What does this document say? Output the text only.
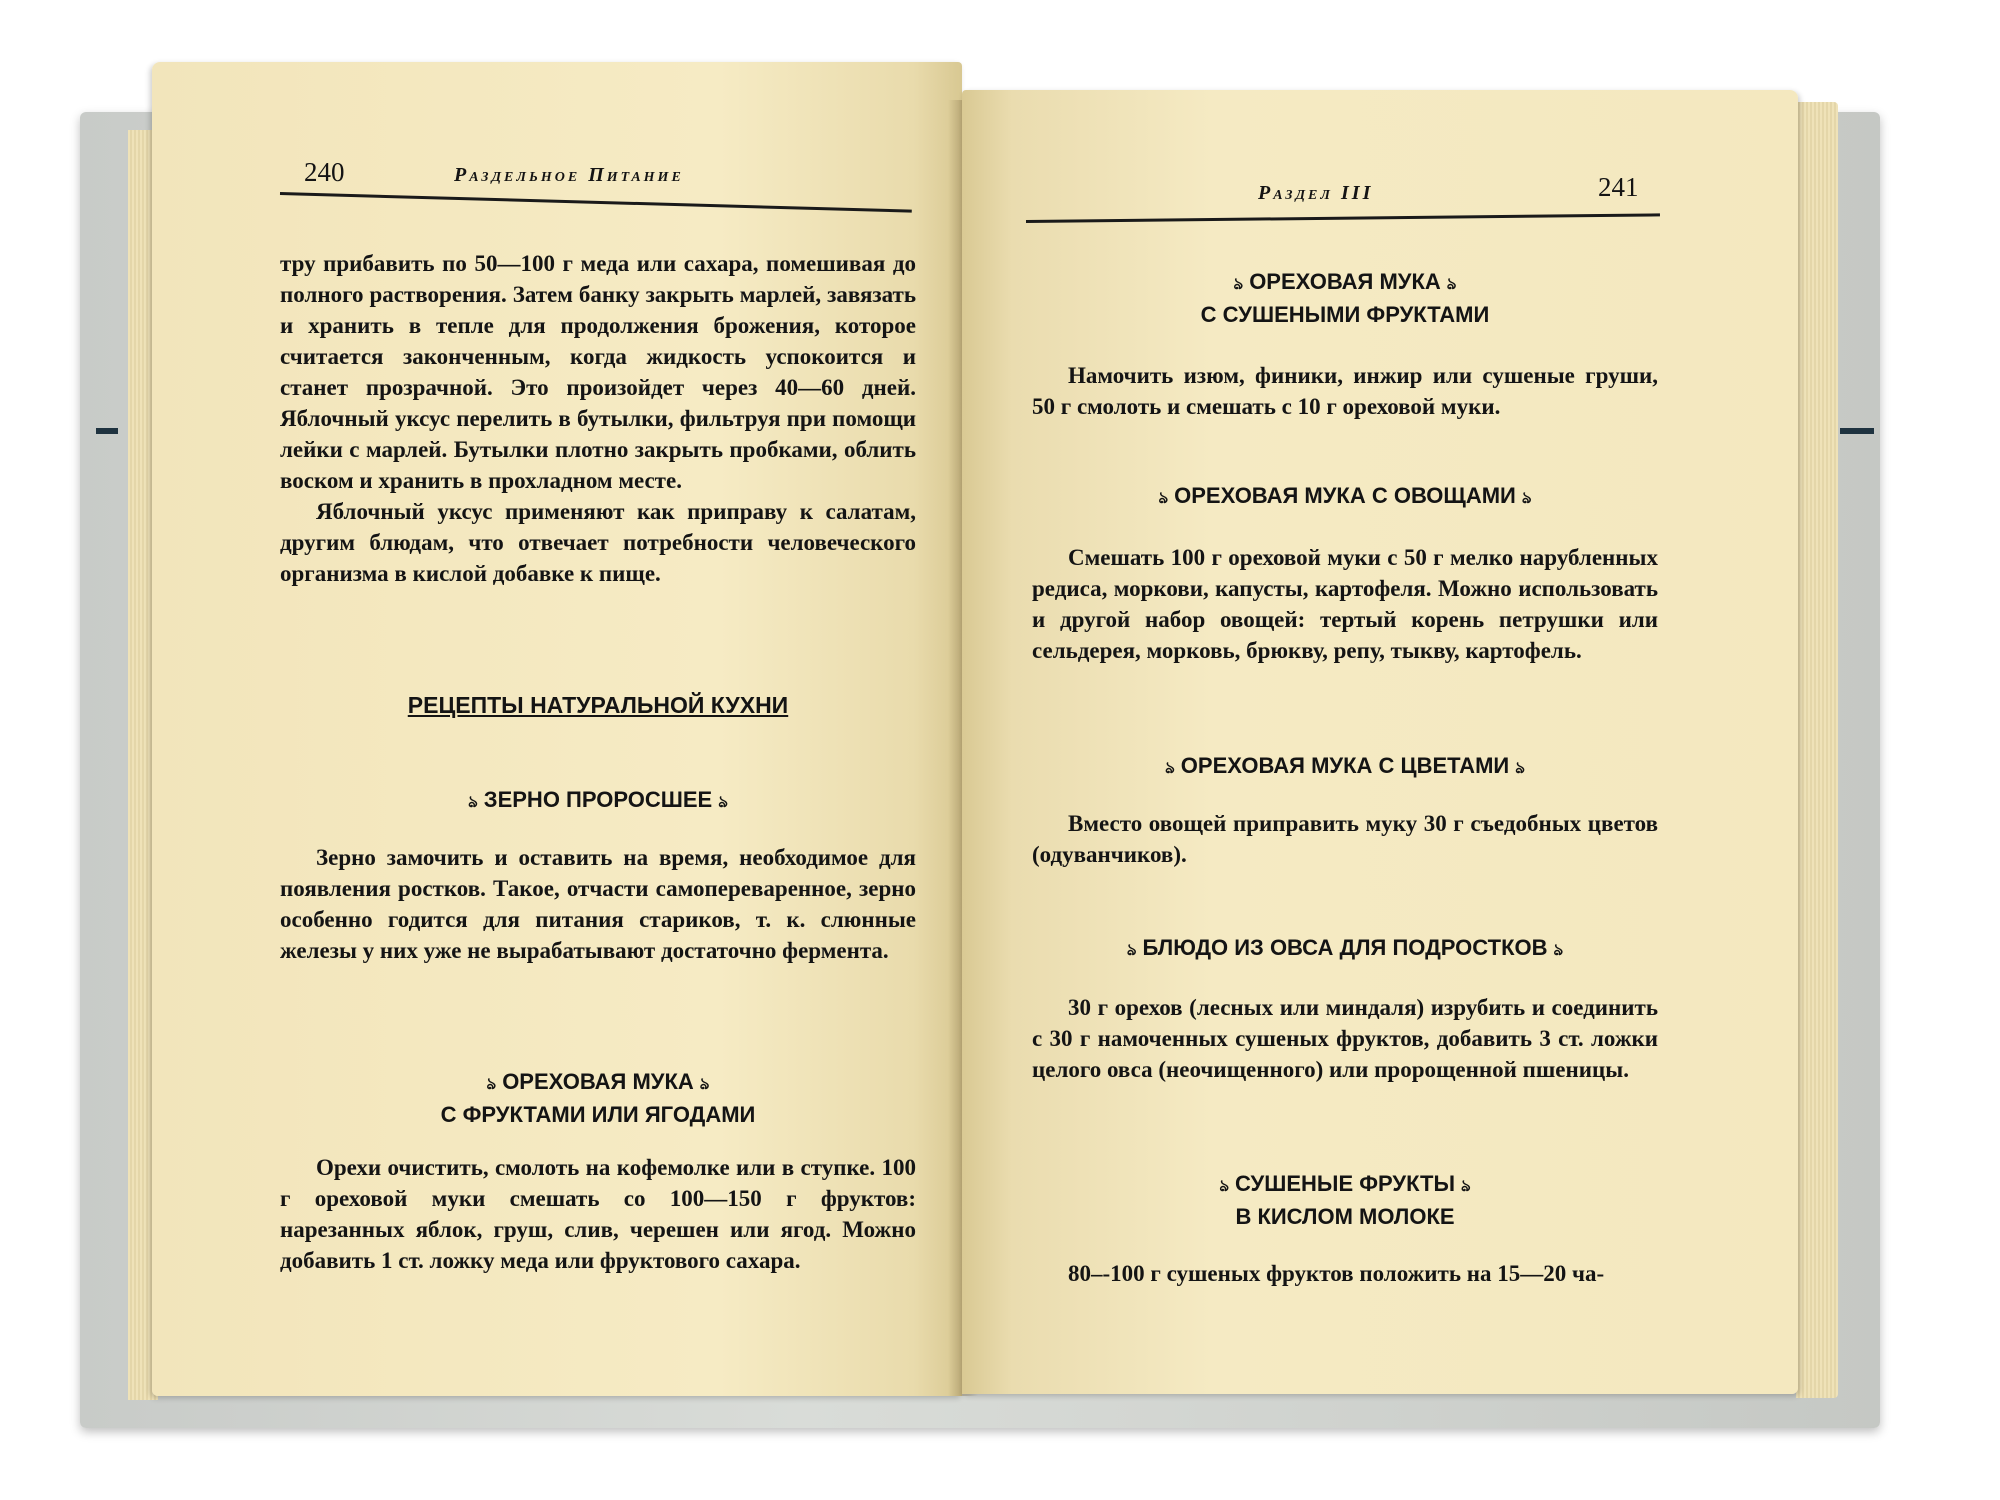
240	Раздельное Питание

тру прибавить по 50—100 г меда или сахара, помешивая до полного растворения. Затем банку закрыть марлей, завязать и хранить в тепле для продолжения брожения, которое считается законченным, когда жидкость успокоится и станет прозрачной. Это произойдет через 40—60 дней. Яблочный уксус перелить в бутылки, фильтруя при помощи лейки с марлей. Бутылки плотно закрыть пробками, облить воском и хранить в прохладном месте.

Яблочный уксус применяют как приправу к салатам, другим блюдам, что отвечает потребности человеческого организма в кислой добавке к пище.

РЕЦЕПТЫ НАТУРАЛЬНОЙ КУХНИ
ঌ ЗЕРНО ПРОРОСШЕЕ ঌ

Зерно замочить и оставить на время, необходимое для появления ростков. Такое, отчасти самопереваренное, зерно особенно годится для питания стариков, т. к. слюнные железы у них уже не вырабатывают достаточно фермента.

ঌ ОРЕХОВАЯ МУКА ঌ
С ФРУКТАМИ ИЛИ ЯГОДАМИ

Орехи очистить, смолоть на кофемолке или в ступке. 100 г ореховой муки смешать со 100—150 г фруктов: нарезанных яблок, груш, слив, черешен или ягод. Можно добавить 1 ст. ложку меда или фруктового сахара.

Раздел III	241
ঌ ОРЕХОВАЯ МУКА ঌ
С СУШЕНЫМИ ФРУКТАМИ

Намочить изюм, финики, инжир или сушеные груши, 50 г смолоть и смешать с 10 г ореховой муки.

ঌ ОРЕХОВАЯ МУКА С ОВОЩАМИ ঌ

Смешать 100 г ореховой муки с 50 г мелко нарубленных редиса, моркови, капусты, картофеля. Можно использовать и другой набор овощей: тертый корень петрушки или сельдерея, морковь, брюкву, репу, тыкву, картофель.

ঌ ОРЕХОВАЯ МУКА С ЦВЕТАМИ ঌ

Вместо овощей приправить муку 30 г съедобных цветов (одуванчиков).

ঌ БЛЮДО ИЗ ОВСА ДЛЯ ПОДРОСТКОВ ঌ

30 г орехов (лесных или миндаля) изрубить и соединить с 30 г намоченных сушеных фруктов, добавить 3 ст. ложки целого овса (неочищенного) или пророщенной пшеницы.

ঌ СУШЕНЫЕ ФРУКТЫ ঌ
В КИСЛОМ МОЛОКЕ

80–-100 г сушеных фруктов положить на 15—20 ча-
